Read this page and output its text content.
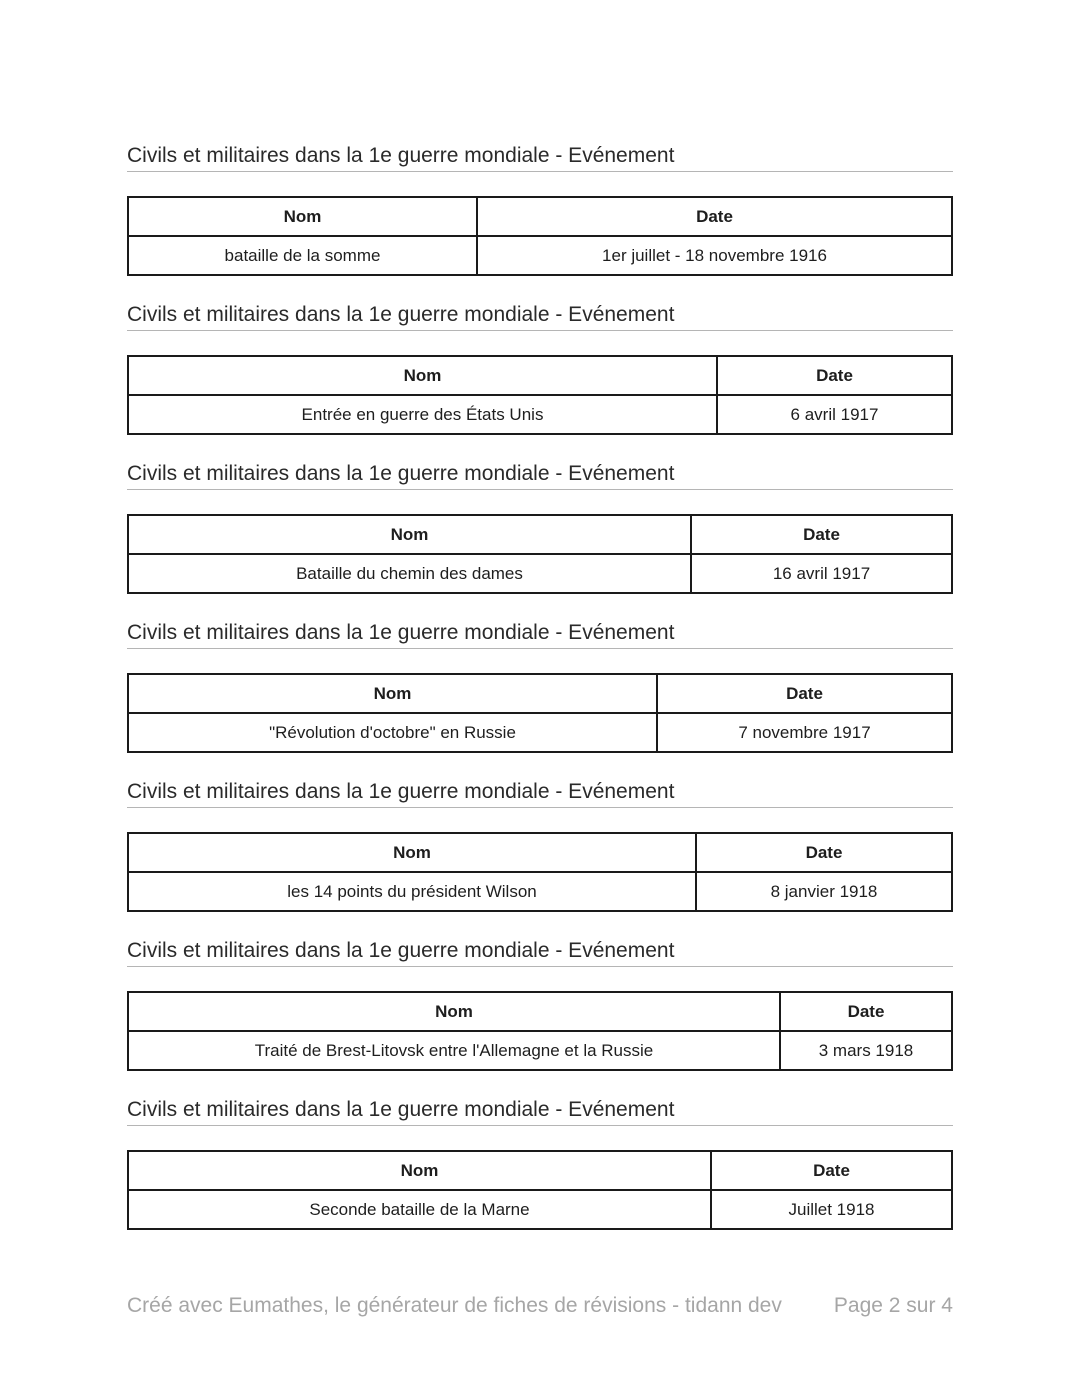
Civils et militaires dans la 1e guerre mondiale - Evénement
Nom	Date
bataille de la somme	1er juillet - 18 novembre 1916
Civils et militaires dans la 1e guerre mondiale - Evénement
Nom	Date
Entrée en guerre des États Unis	6 avril 1917
Civils et militaires dans la 1e guerre mondiale - Evénement
Nom	Date
Bataille du chemin des dames	16 avril 1917
Civils et militaires dans la 1e guerre mondiale - Evénement
Nom	Date
"Révolution d'octobre" en Russie	7 novembre 1917
Civils et militaires dans la 1e guerre mondiale - Evénement
Nom	Date
les 14 points du président Wilson	8 janvier 1918
Civils et militaires dans la 1e guerre mondiale - Evénement
Nom	Date
Traité de Brest-Litovsk entre l'Allemagne et la Russie	3 mars 1918
Civils et militaires dans la 1e guerre mondiale - Evénement
Nom	Date
Seconde bataille de la Marne	Juillet 1918
Créé avec Eumathes, le générateur de fiches de révisions - tidann dev Page 2 sur 4
